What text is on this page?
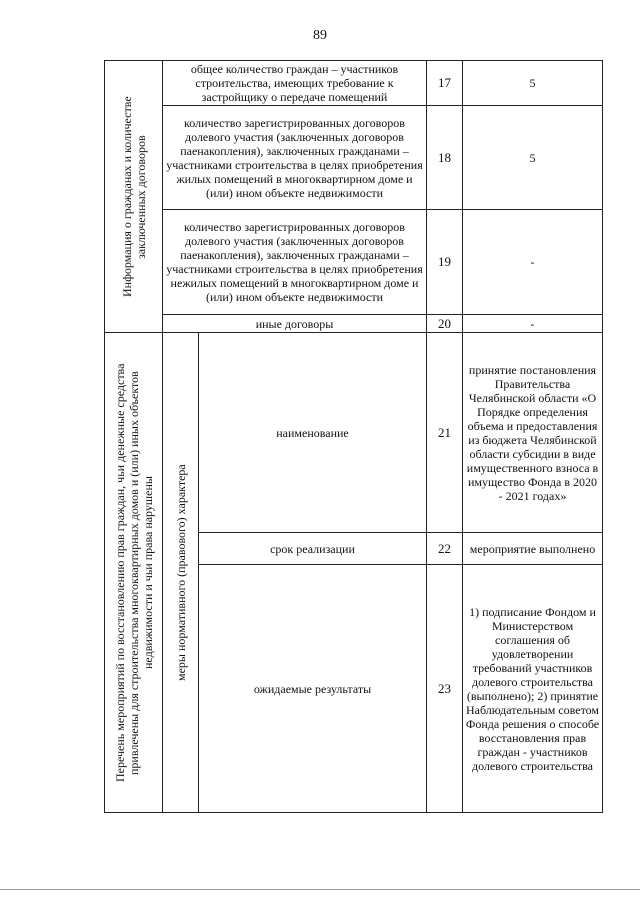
89
Информация о гражданах и количестве заключенных договоров	общее количество граждан – участников строительства, имеющих требование к застройщику о передаче помещений		17	5
	количество зарегистрированных договоров долевого участия (заключенных договоров паенакопления), заключенных гражданами – участниками строительства в целях приобретения жилых помещений в многоквартирном доме и (или) ином объекте недвижимости		18	5
	количество зарегистрированных договоров долевого участия (заключенных договоров паенакопления), заключенных гражданами – участниками строительства в целях приобретения нежилых помещений в многоквартирном доме и (или) ином объекте недвижимости		19	-
	иные договоры		20	-

Перечень мероприятий по восстановлению прав граждан, чьи денежные средства привлечены для строительства многоквартирных домов и (или) иных объектов недвижимости и чьи права нарушены	меры нормативного (правового) характера	наименование	21	принятие постановления Правительства Челябинской области «О Порядке определения объема и предоставления из бюджета Челябинской области субсидии в виде имущественного взноса в имущество Фонда в 2020 - 2021 годах»
		срок реализации	22	мероприятие выполнено
		ожидаемые результаты	23	1) подписание Фондом и Министерством соглашения об удовлетворении требований участников долевого строительства (выполнено); 2) принятие Наблюдательным советом Фонда решения о способе восстановления прав граждан - участников долевого строительства
